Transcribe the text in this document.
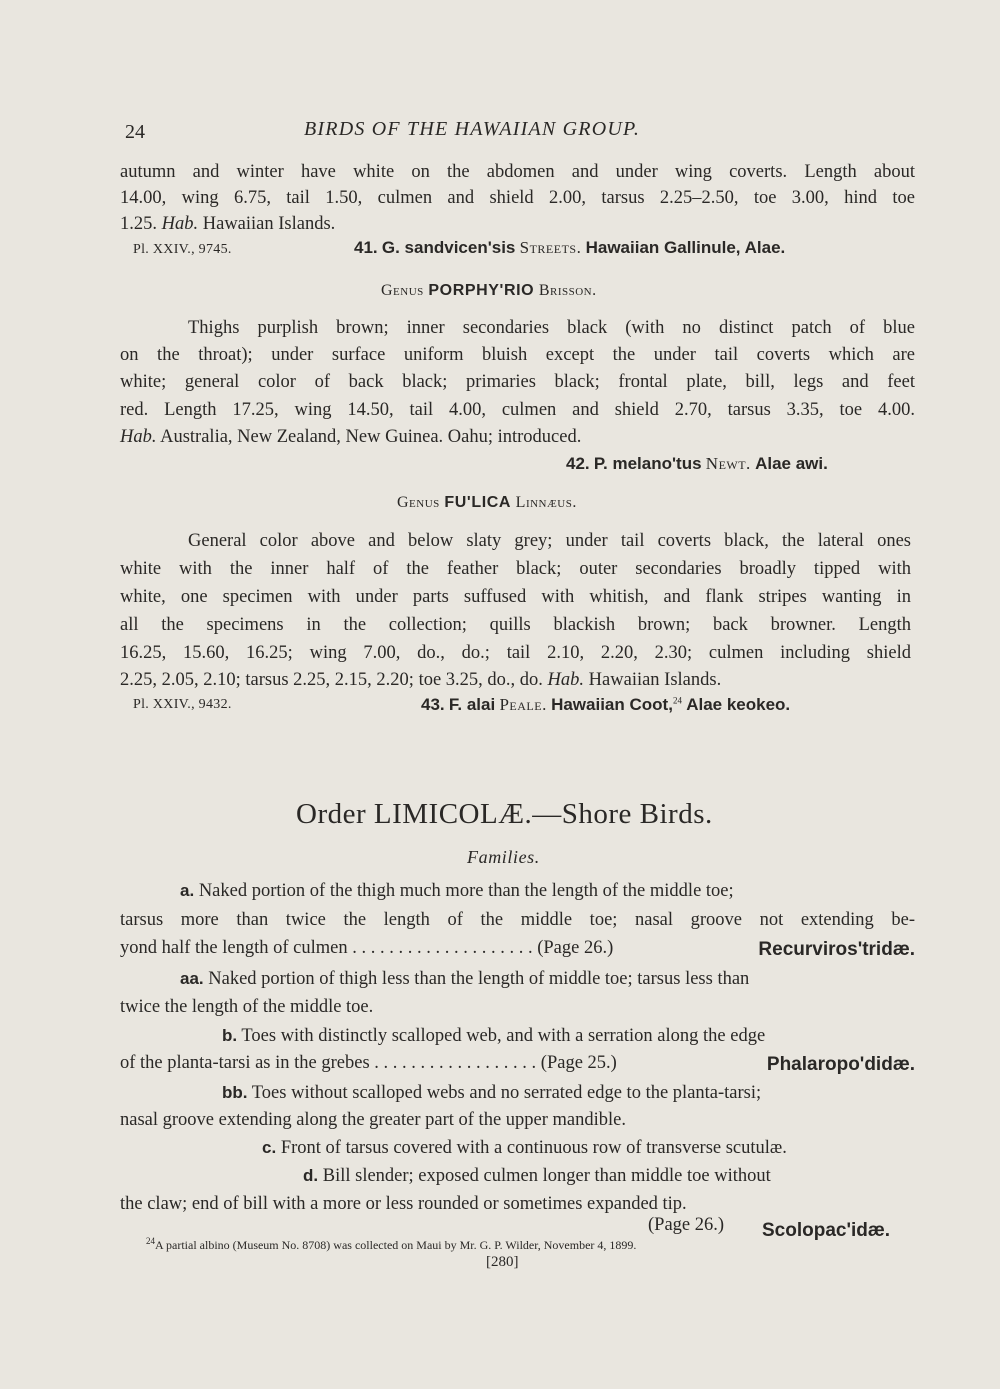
24	BIRDS OF THE HAWAIIAN GROUP.
autumn and winter have white on the abdomen and under wing coverts. Length about
14.00, wing 6.75, tail 1.50, culmen and shield 2.00, tarsus 2.25–2.50, toe 3.00, hind toe
1.25. Hab. Hawaiian Islands.
Pl. XXIV., 9745.	41. G. sandvicen'sis Streets. Hawaiian Gallinule, Alae.
Genus PORPHY'RIO Brisson.
Thighs purplish brown; inner secondaries black (with no distinct patch of blue
on the throat); under surface uniform bluish except the under tail coverts which are
white; general color of back black; primaries black; frontal plate, bill, legs and feet
red. Length 17.25, wing 14.50, tail 4.00, culmen and shield 2.70, tarsus 3.35, toe 4.00.
Hab. Australia, New Zealand, New Guinea. Oahu; introduced.
42. P. melano'tus Newt. Alae awi.
Genus FU'LICA Linnæus.
General color above and below slaty grey; under tail coverts black, the lateral ones
white with the inner half of the feather black; outer secondaries broadly tipped with
white, one specimen with under parts suffused with whitish, and flank stripes wanting in
all the specimens in the collection; quills blackish brown; back browner. Length
16.25, 15.60, 16.25; wing 7.00, do., do.; tail 2.10, 2.20, 2.30; culmen including shield
2.25, 2.05, 2.10; tarsus 2.25, 2.15, 2.20; toe 3.25, do., do. Hab. Hawaiian Islands.
Pl. XXIV., 9432.	43. F. alai Peale. Hawaiian Coot,$^{24}$ Alae keokeo.
Order LIMICOLÆ.—Shore Birds.
Families.
a. Naked portion of the thigh much more than the length of the middle toe;
tarsus more than twice the length of the middle toe; nasal groove not extending be-
yond half the length of culmen . . . . . . . . . . . . . . . . . . . . (Page 26.)	Recurviros'tridæ.
aa. Naked portion of thigh less than the length of middle toe; tarsus less than
twice the length of the middle toe.
b. Toes with distinctly scalloped web, and with a serration along the edge
of the planta-tarsi as in the grebes . . . . . . . . . . . . . . . . . . (Page 25.)	Phalaropo'didæ.
bb. Toes without scalloped webs and no serrated edge to the planta-tarsi;
nasal groove extending along the greater part of the upper mandible.
c. Front of tarsus covered with a continuous row of transverse scutulæ.
d. Bill slender; exposed culmen longer than middle toe without
the claw; end of bill with a more or less rounded or sometimes expanded tip.
(Page 26.) Scolopac'idæ.
$^{24}$A partial albino (Museum No. 8708) was collected on Maui by Mr. G. P. Wilder, November 4, 1899.
[280]
